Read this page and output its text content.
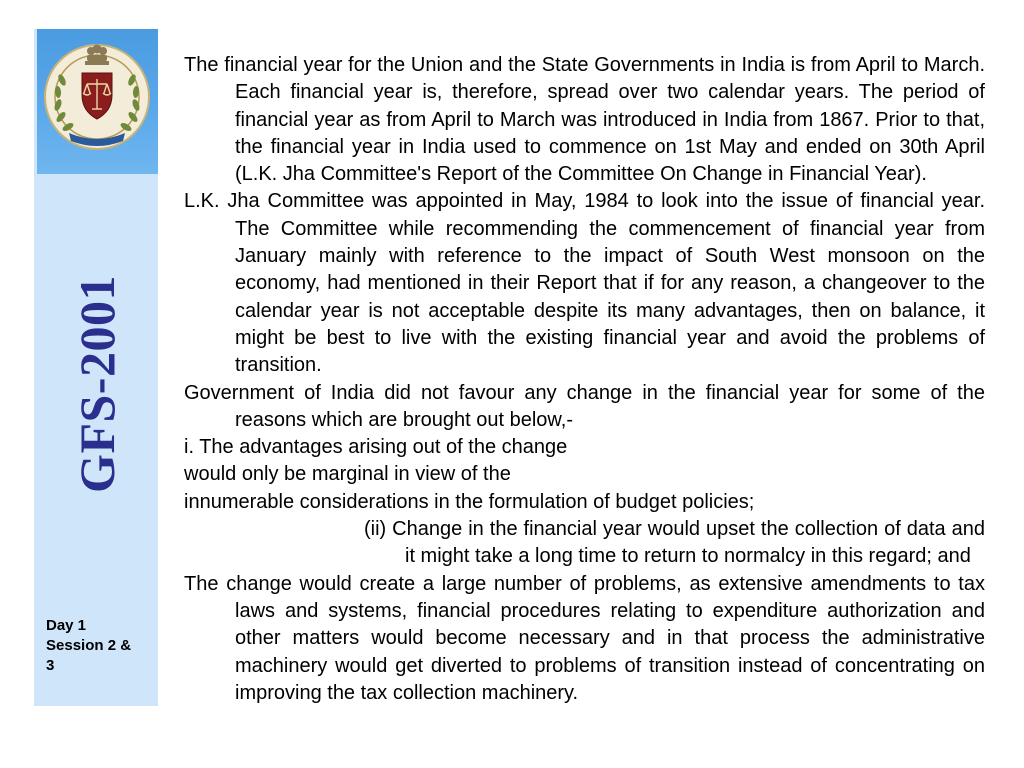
GFS-2001
Day 1
Session 2 &
3

The financial year for the Union and the State Governments in India is from April to March. Each financial year is, therefore, spread over two calendar years. The period of financial year as from April to March was introduced in India from 1867. Prior to that, the financial year in India used to commence on 1st May and ended on 30th April (L.K. Jha Committee's Report of the Committee On Change in Financial Year).

L.K. Jha Committee was appointed in May, 1984 to look into the issue of financial year. The Committee while recommending the commencement of financial year from January mainly with reference to the impact of South West monsoon on the economy, had mentioned in their Report that if for any reason, a changeover to the calendar year is not acceptable despite its many advantages, then on balance, it might be best to live with the existing financial year and avoid the problems of transition.

Government of India did not favour any change in the financial year for some of the reasons which are brought out below,-

i. The advantages arising out of the change

would only be marginal in view of the

innumerable considerations in the formulation of budget policies;

(ii) Change in the financial year would upset the collection of data and it might take a long time to return to normalcy in this regard; and

The change would create a large number of problems, as extensive amendments to tax laws and systems, financial procedures relating to expenditure authorization and other matters would become necessary and in that process the administrative machinery would get diverted to problems of transition instead of concentrating on improving the tax collection machinery.
